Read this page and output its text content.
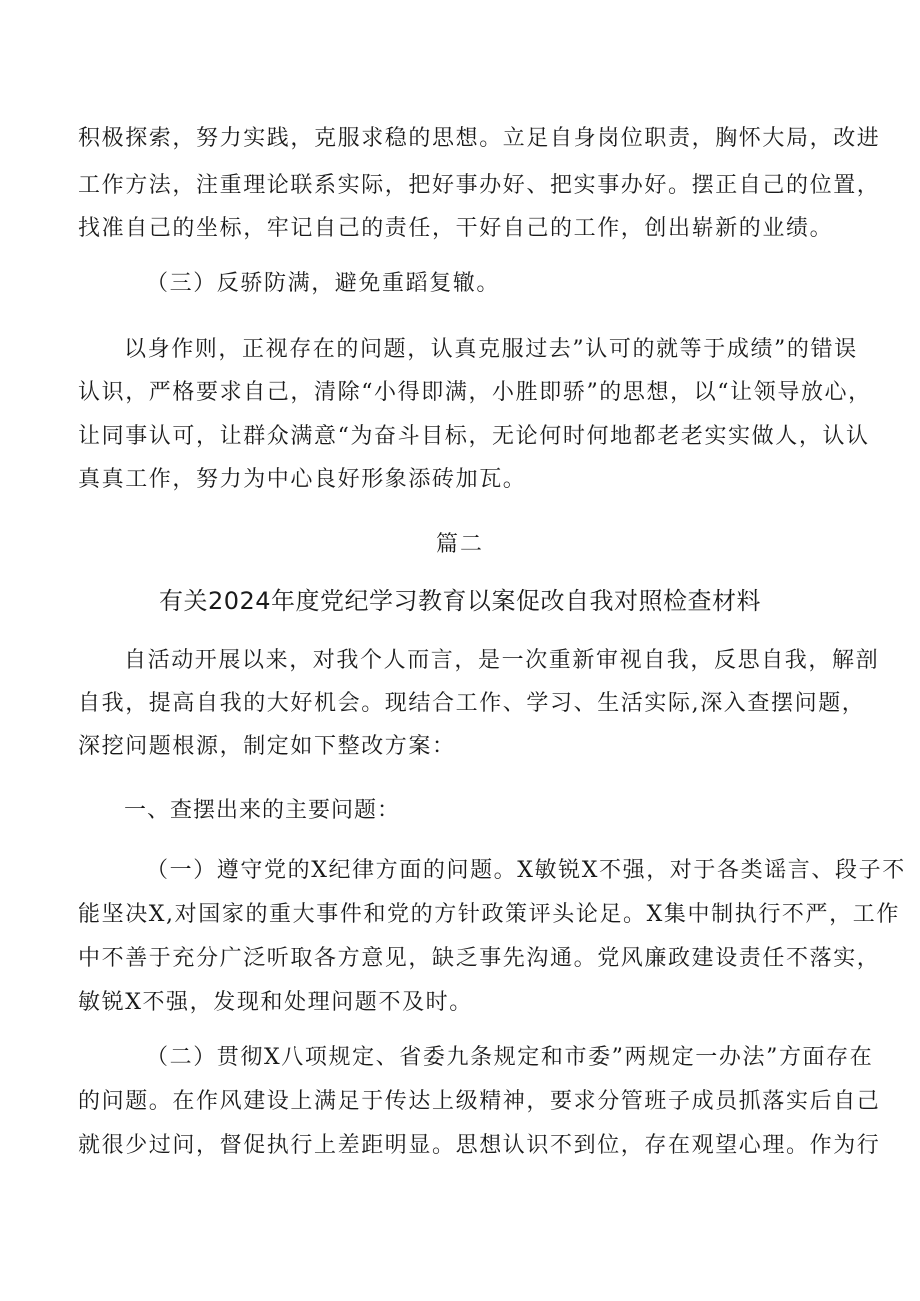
积极探索，努力实践，克服求稳的思想。立足自身岗位职责，胸怀大局，改进
工作方法，注重理论联系实际，把好事办好、把实事办好。摆正自己的位置，
找准自己的坐标，牢记自己的责任，干好自己的工作，创出崭新的业绩。
（三）反骄防满，避免重蹈复辙。
以身作则，正视存在的问题，认真克服过去”认可的就等于成绩”的错误
认识，严格要求自己，清除“小得即满，小胜即骄”的思想，以“让领导放心，
让同事认可，让群众满意“为奋斗目标，无论何时何地都老老实实做人，认认
真真工作，努力为中心良好形象添砖加瓦。
篇二
有关2024年度党纪学习教育以案促改自我对照检查材料
自活动开展以来，对我个人而言，是一次重新审视自我，反思自我，解剖
自我，提高自我的大好机会。现结合工作、学习、生活实际,深入查摆问题，
深挖问题根源，制定如下整改方案：
一、查摆出来的主要问题：
（一）遵守党的X纪律方面的问题。X敏锐X不强，对于各类谣言、段子不
能坚决X,对国家的重大事件和党的方针政策评头论足。X集中制执行不严，工作
中不善于充分广泛听取各方意见，缺乏事先沟通。党风廉政建设责任不落实，
敏锐X不强，发现和处理问题不及时。
（二）贯彻X八项规定、省委九条规定和市委”两规定一办法”方面存在
的问题。在作风建设上满足于传达上级精神，要求分管班子成员抓落实后自己
就很少过问，督促执行上差距明显。思想认识不到位，存在观望心理。作为行
